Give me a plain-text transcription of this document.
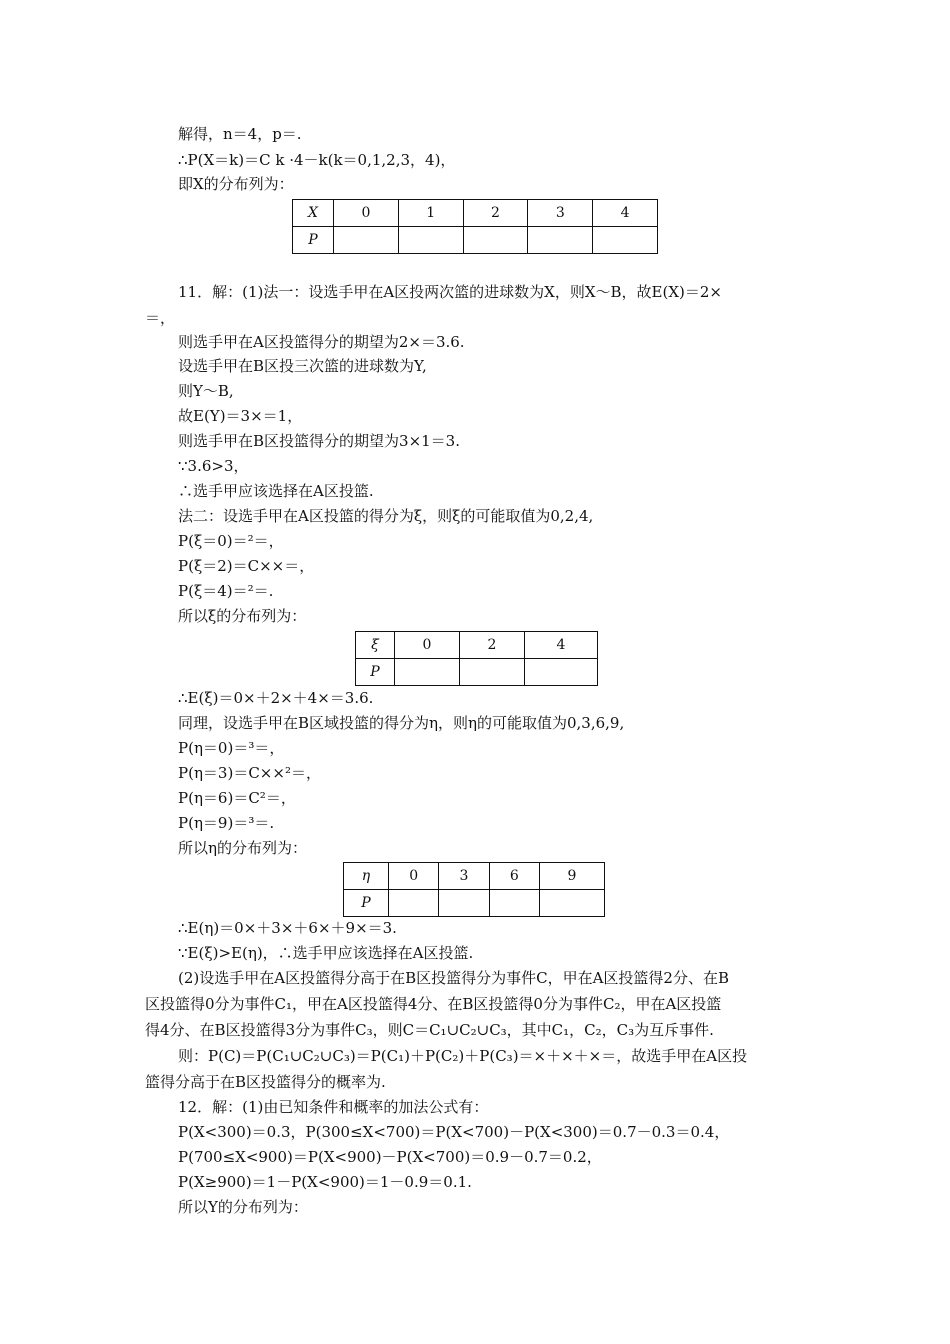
解得，n＝4，p＝.
∴P(X＝k)＝C k ·4－k(k＝0,1,2,3，4)，
即X的分布列为：
X	0	1	2	3	4
P					
11．解：(1)法一：设选手甲在A区投两次篮的进球数为X，则X～B，故E(X)＝2×
＝，
则选手甲在A区投篮得分的期望为2×＝3.6.
设选手甲在B区投三次篮的进球数为Y,
则Y～B,
故E(Y)＝3×＝1，
则选手甲在B区投篮得分的期望为3×1＝3.
∵3.6>3，
∴选手甲应该选择在A区投篮.
法二：设选手甲在A区投篮的得分为ξ，则ξ的可能取值为0,2,4,
P(ξ＝0)＝²＝，
P(ξ＝2)＝C××＝，
P(ξ＝4)＝²＝.
所以ξ的分布列为：
ξ	0	2	4
P			
∴E(ξ)＝0×＋2×＋4×＝3.6.
同理，设选手甲在B区域投篮的得分为η，则η的可能取值为0,3,6,9,
P(η＝0)＝³＝，
P(η＝3)＝C××²＝，
P(η＝6)＝C²＝，
P(η＝9)＝³＝.
所以η的分布列为：
η	0	3	6	9
P				
∴E(η)＝0×＋3×＋6×＋9×＝3.
∵E(ξ)>E(η)，∴选手甲应该选择在A区投篮.
(2)设选手甲在A区投篮得分高于在B区投篮得分为事件C，甲在A区投篮得2分、在B
区投篮得0分为事件C₁，甲在A区投篮得4分、在B区投篮得0分为事件C₂，甲在A区投篮
得4分、在B区投篮得3分为事件C₃，则C＝C₁∪C₂∪C₃，其中C₁，C₂，C₃为互斥事件.
则：P(C)＝P(C₁∪C₂∪C₃)＝P(C₁)＋P(C₂)＋P(C₃)＝×＋×＋×＝，故选手甲在A区投
篮得分高于在B区投篮得分的概率为.
12．解：(1)由已知条件和概率的加法公式有：
P(X<300)＝0.3，P(300≤X<700)＝P(X<700)－P(X<300)＝0.7－0.3＝0.4，
P(700≤X<900)＝P(X<900)－P(X<700)＝0.9－0.7＝0.2，
P(X≥900)＝1－P(X<900)＝1－0.9＝0.1.
所以Y的分布列为：
